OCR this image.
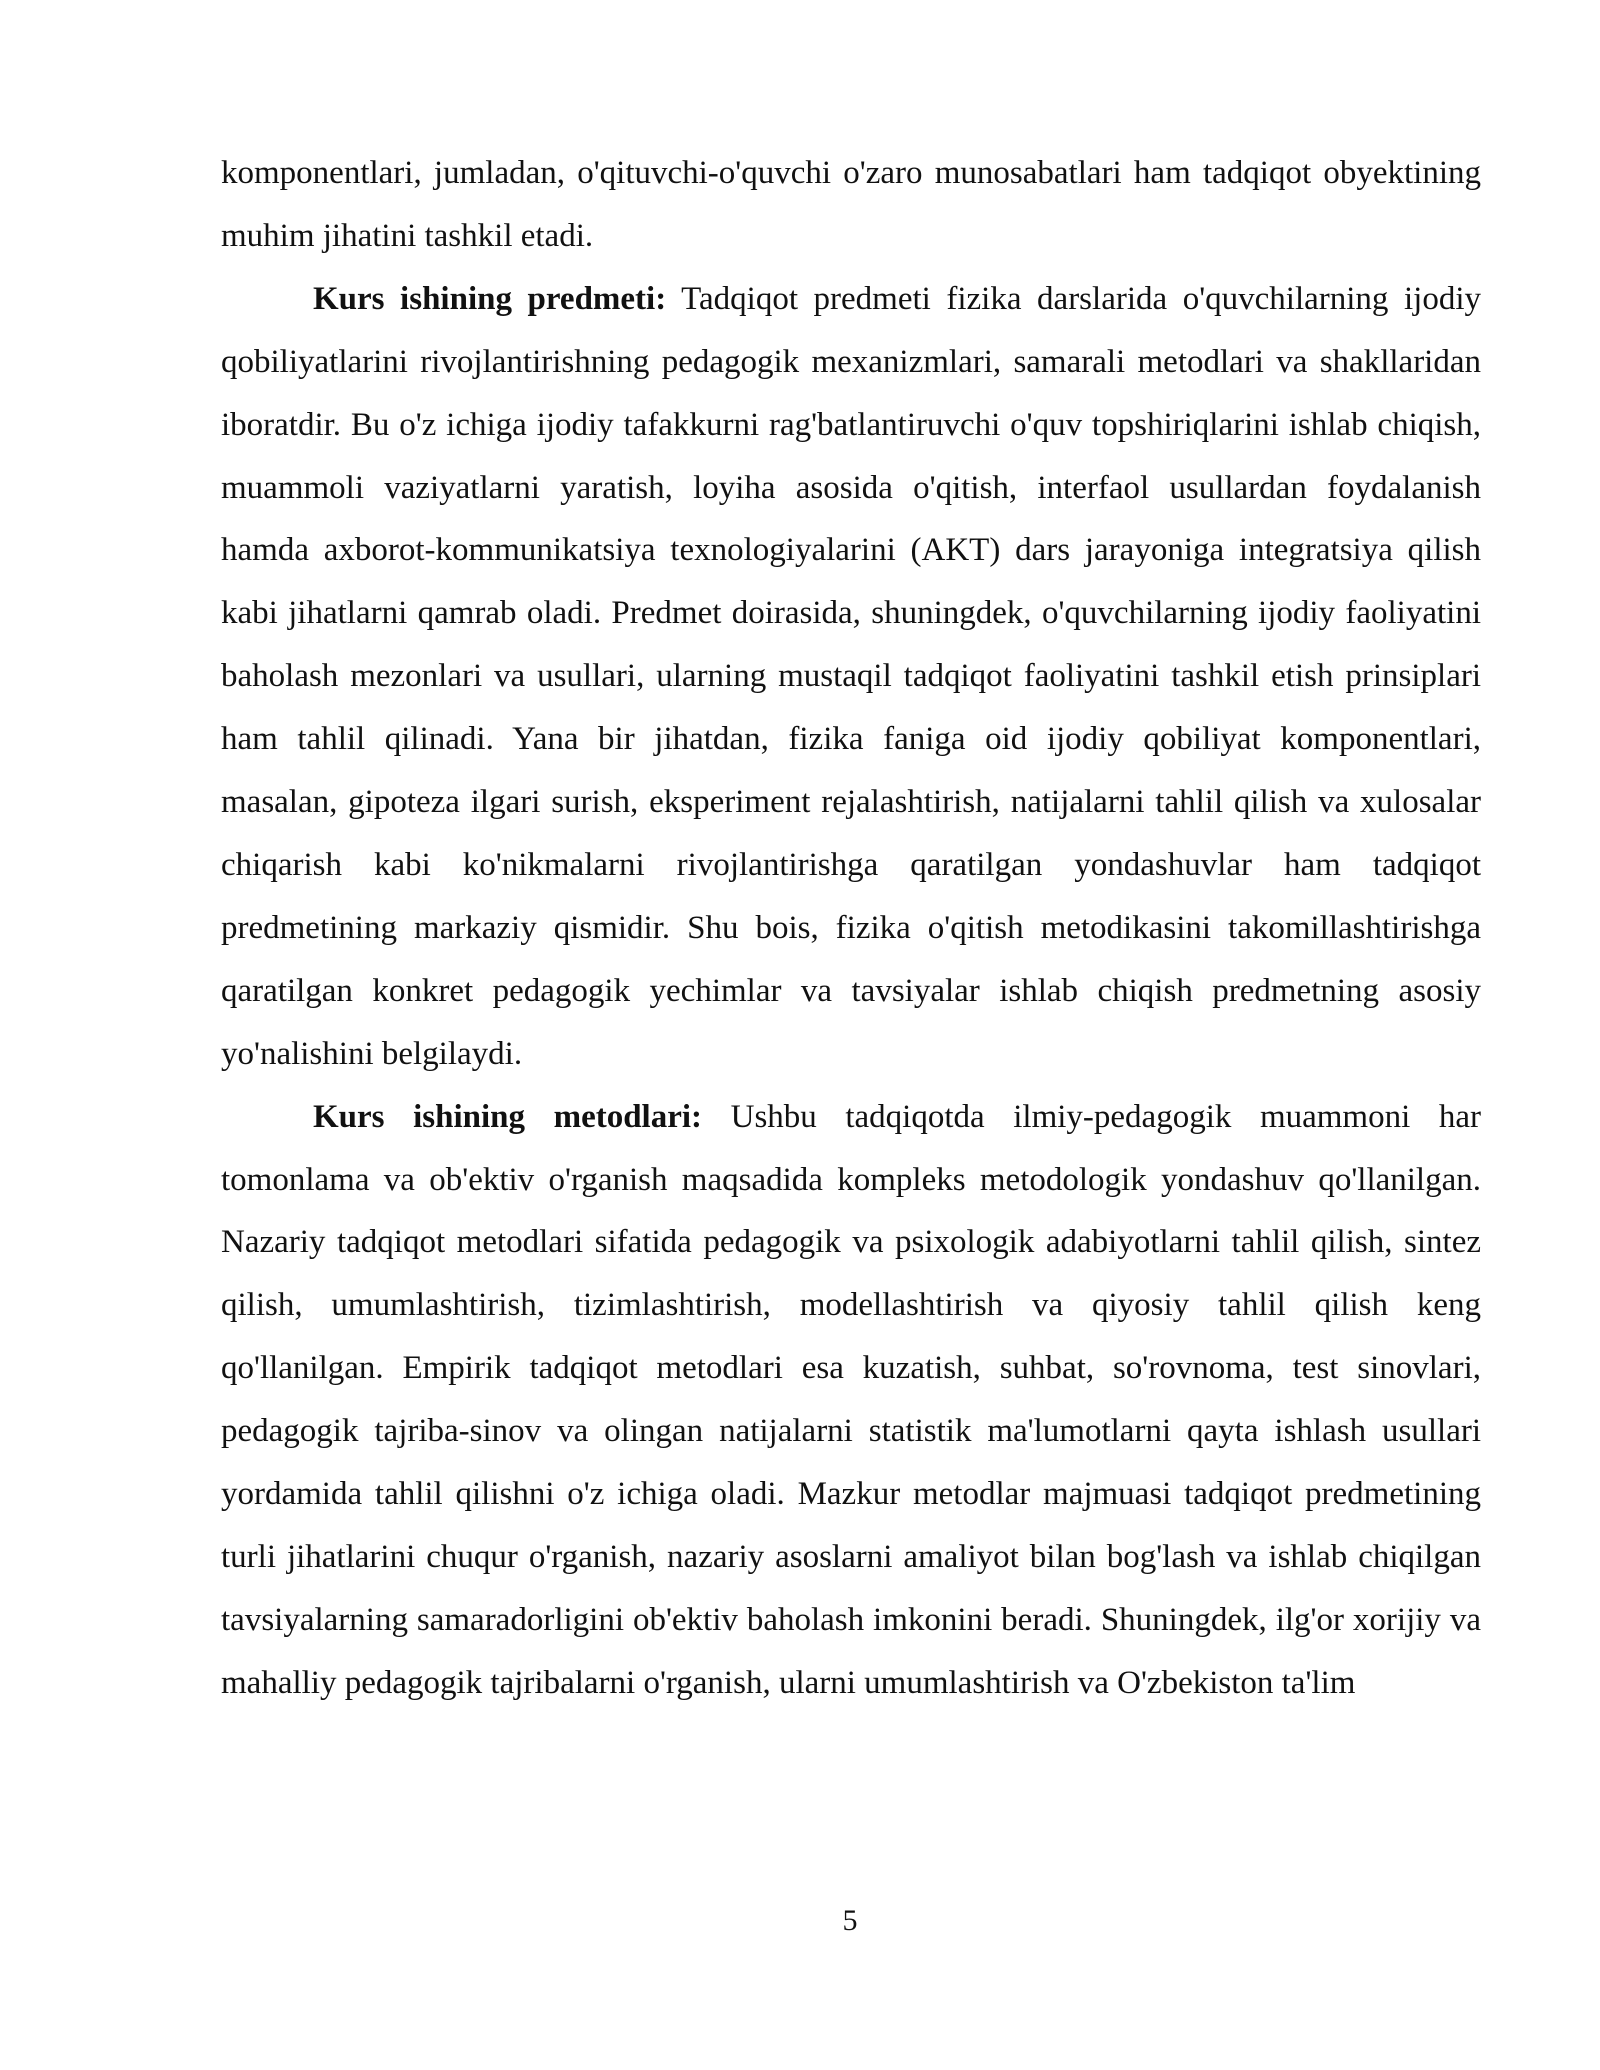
komponentlari, jumladan, o'qituvchi-o'quvchi o'zaro munosabatlari ham tadqiqot obyektining muhim jihatini tashkil etadi.

Kurs ishining predmeti: Tadqiqot predmeti fizika darslarida o'quvchilarning ijodiy qobiliyatlarini rivojlantirishning pedagogik mexanizmlari, samarali metodlari va shakllaridan iboratdir. Bu o'z ichiga ijodiy tafakkurni rag'batlantiruvchi o'quv topshiriqlarini ishlab chiqish, muammoli vaziyatlarni yaratish, loyiha asosida o'qitish, interfaol usullardan foydalanish hamda axborot-kommunikatsiya texnologiyalarini (AKT) dars jarayoniga integratsiya qilish kabi jihatlarni qamrab oladi. Predmet doirasida, shuningdek, o'quvchilarning ijodiy faoliyatini baholash mezonlari va usullari, ularning mustaqil tadqiqot faoliyatini tashkil etish prinsiplari ham tahlil qilinadi. Yana bir jihatdan, fizika faniga oid ijodiy qobiliyat komponentlari, masalan, gipoteza ilgari surish, eksperiment rejalashtirish, natijalarni tahlil qilish va xulosalar chiqarish kabi ko'nikmalarni rivojlantirishga qaratilgan yondashuvlar ham tadqiqot predmetining markaziy qismidir. Shu bois, fizika o'qitish metodikasini takomillashtirishga qaratilgan konkret pedagogik yechimlar va tavsiyalar ishlab chiqish predmetning asosiy yo'nalishini belgilaydi.

Kurs ishining metodlari: Ushbu tadqiqotda ilmiy-pedagogik muammoni har tomonlama va ob'ektiv o'rganish maqsadida kompleks metodologik yondashuv qo'llanilgan. Nazariy tadqiqot metodlari sifatida pedagogik va psixologik adabiyotlarni tahlil qilish, sintez qilish, umumlashtirish, tizimlashtirish, modellashtirish va qiyosiy tahlil qilish keng qo'llanilgan. Empirik tadqiqot metodlari esa kuzatish, suhbat, so'rovnoma, test sinovlari, pedagogik tajriba-sinov va olingan natijalarni statistik ma'lumotlarni qayta ishlash usullari yordamida tahlil qilishni o'z ichiga oladi. Mazkur metodlar majmuasi tadqiqot predmetining turli jihatlarini chuqur o'rganish, nazariy asoslarni amaliyot bilan bog'lash va ishlab chiqilgan tavsiyalarning samaradorligini ob'ektiv baholash imkonini beradi. Shuningdek, ilg'or xorijiy va mahalliy pedagogik tajribalarni o'rganish, ularni umumlashtirish va O'zbekiston ta'lim

5
